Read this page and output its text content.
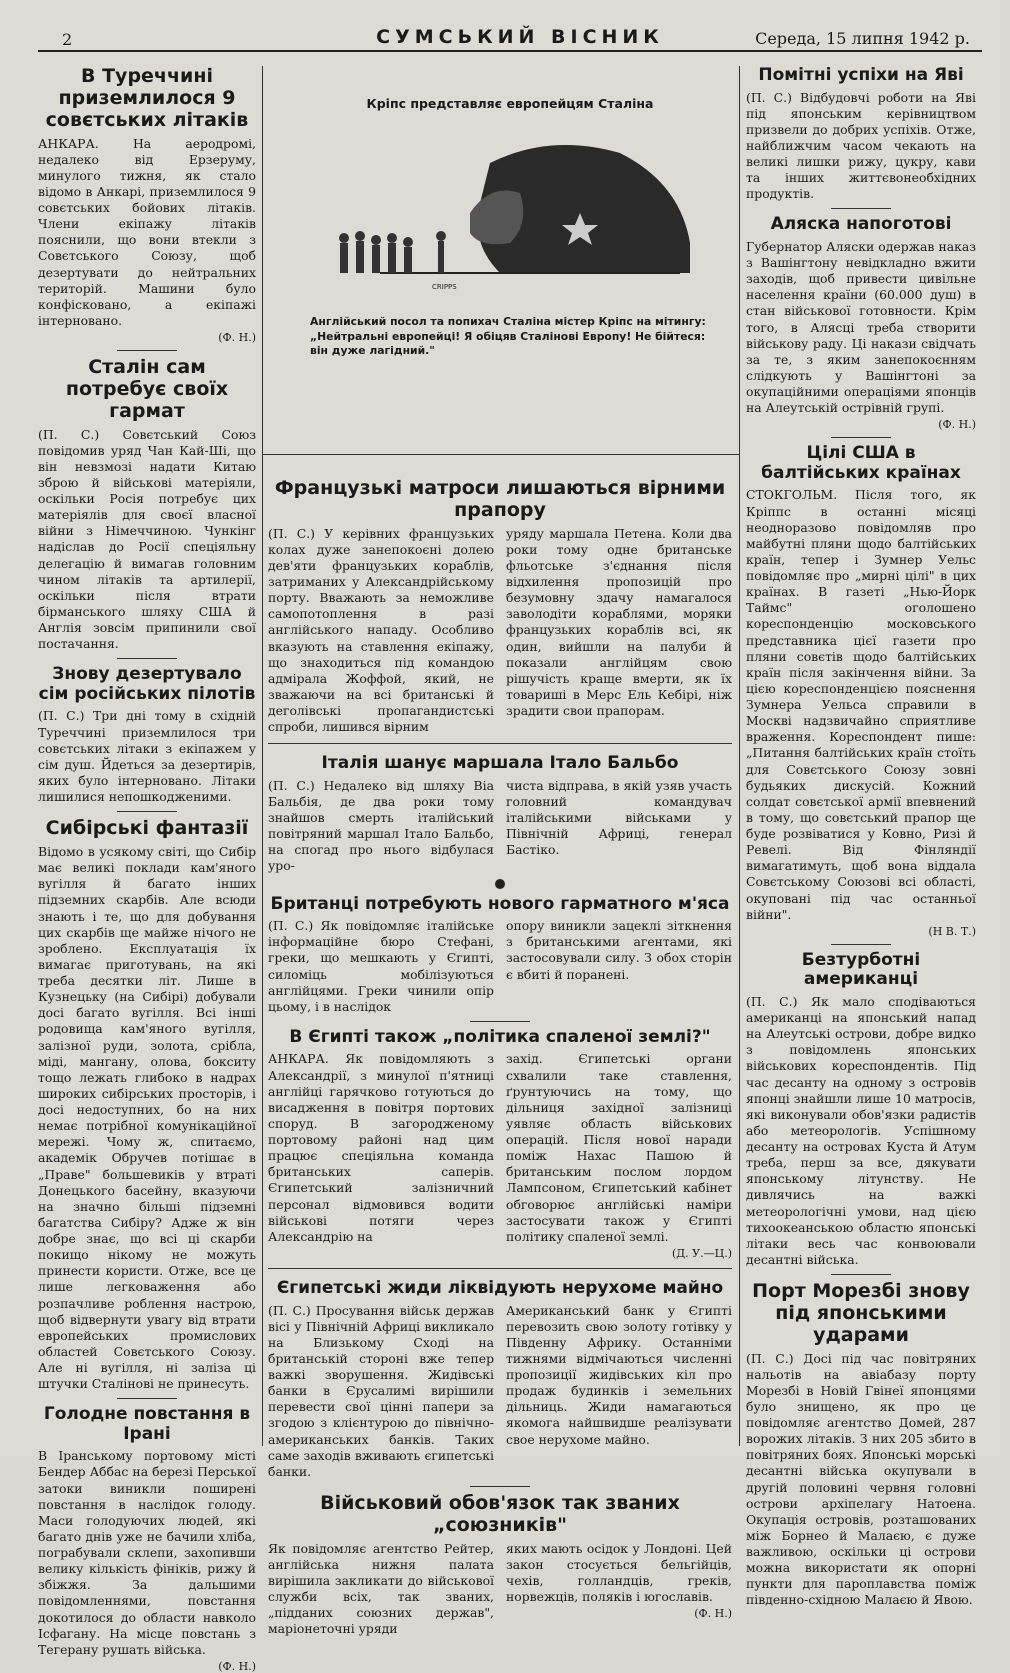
2	СУМСЬКИЙ ВІСНИК	Середа, 15 липня 1942 р.
В Туреччині приземлилося 9 совєтських літаків

АНКАРА. На аеродромі, недалеко від Ерзеруму, минулого тижня, як стало відомо в Анкарі, приземлилося 9 совєтських бойових літаків. Члени екіпажу літаків пояснили, що вони втекли з Совєтського Союзу, щоб дезертувати до нейтральних територій. Машини було конфісковано, а екіпажі інтерновано.

(Ф. Н.)
Сталін сам потребує своїх гармат

(П. С.) Совєтський Союз повідомив уряд Чан Кай-Ші, що він невзмозі надати Китаю зброю й військові матеріяли, оскільки Росія потребує цих матеріялів для своєї власної війни з Німеччиною. Чункінг надіслав до Росії спеціяльну делегацію й вимагав головним чином літаків та артилерії, оскільки після втрати бірманського шляху США й Англія зовсім припинили свої постачання.

Знову дезертувало сім російських пілотів

(П. С.) Три дні тому в східній Туреччині приземлилося три совєтських літаки з екіпажем у сім душ. Йдеться за дезертирів, яких було інтерновано. Літаки лишилися непошкодженими.

Сибірські фантазії

Відомо в усякому світі, що Сибір має великі поклади кам'яного вугілля й багато інших підземних скарбів. Але всюди знають і те, що для добування цих скарбів ще майже нічого не зроблено. Експлуатація їх вимагає приготувань, на які треба десятки літ. Лише в Кузнецьку (на Сибірі) добували досі багато вугілля. Всі інші родовища кам'яного вугілля, залізної руди, золота, срібла, міді, мангану, олова, бокситу тощо лежать глибоко в надрах широких сибірських просторів, і досі недоступних, бо на них немає потрібної комунікаційної мережі. Чому ж, спитаємо, академік Обручев потішає в „Праве" большевиків у втраті Донецького басейну, вказуючи на значно більші підземні багатства Сибіру? Адже ж він добре знає, що всі ці скарби покищо нікому не можуть принести користи. Отже, все це лише легковаження або розпачливе роблення настрою, щоб відвернути увагу від втрати европейських промислових областей Совєтського Союзу. Але ні вугілля, ні заліза ці штучки Сталінові не принесуть.

Голодне повстання в Ірані

В Іранському портовому місті Бендер Аббас на березі Перської затоки виникли поширені повстання в наслідок голоду. Маси голодуючих людей, які багато днів уже не бачили хліба, пограбували склепи, захопивши велику кількість фініків, рижу й збіжжя. За дальшими повідомленнями, повстання докотилося до области навколо Ісфагану. На місце повстань з Тегерану рушать війська.

(Ф. Н.)
Кріпс представляє европейцям Сталіна
CRIPPS
Англійський посол та попихач Сталіна містер Кріпс на мітингу: „Нейтральні европейці! Я обіцяв Сталінові Европу! Не бійтеся: він дуже лагідний."
Французькі матроси лишаються вірними прапору

(П. С.) У керівних французьких колах дуже занепокоєні долею дев'яти французьких кораблів, затриманих у Александрійському порту. Вважають за неможливе самопотоплення в разі англійського нападу. Особливо вказують на ставлення екіпажу, що знаходиться під командою адмірала Жоффой, який, не зважаючи на всі британські й деголівські пропагандистські спроби, лишився вірним

уряду маршала Петена. Коли два роки тому одне британське фльотське з'єднання після відхилення пропозицій про безумовну здачу намагалося заволодіти кораблями, моряки французьких кораблів всі, як один, вийшли на палуби й показали англійцям свою рішучість краще вмерти, як їх товариші в Мерс Ель Кебірі, ніж зрадити свои прапорам.

Італія шанує маршала Італо Бальбо

(П. С.) Недалеко від шляху Віа Бальбія, де два роки тому знайшов смерть італійський повітряний маршал Італо Бальбо, на спогад про нього відбулася уро-

чиста відправа, в якій узяв участь головний командувач італійськими військами у Північній Африці, генерал Бастіко.

Британці потребують нового гарматного м'яса

(П. С.) Як повідомляє італійське інформаційне бюро Стефані, греки, що мешкають у Єгипті, силоміць мобілізуються англійцями. Греки чинили опір цьому, і в наслідок

опору виникли зацеклі зіткнення з британськими агентами, які застосовували силу. З обох сторін є вбиті й поранені.

В Єгипті також „політика спаленої землі?"

АНКАРА. Як повідомляють з Александрії, з минулої п'ятниці англійці гарячково готуються до висадження в повітря портових споруд. В загородженому портовому районі над цим працює спеціяльна команда британських саперів. Єгипетський залізничний персонал відмовився водити військові потяги через Александрію на

захід. Єгипетські органи схвалили таке ставлення, ґрунтуючись на тому, що дільниця західної залізниці уявляє область військових операцій. Після нової наради поміж Нахас Пашою й британським послом лордом Лампсоном, Єгипетський кабінет обговорює англійські наміри застосувати також у Єгипті політику спаленої землі.

(Д. У.—Ц.)
Єгипетські жиди ліквідують нерухоме майно

(П. С.) Просування військ держав вісі у Північній Африці викликало на Близькому Сході на британській стороні вже тепер важкі зворушення. Жидівські банки в Єрусалимі вирішили перевести свої цінні папери за згодою з клієнтурою до північно-американських банків. Таких саме заходів вживають єгипетські банки.

Американський банк у Єгипті перевозить свою золоту готівку у Південну Африку. Останніми тижнями відмічаються численні пропозиції жидівських кіл про продаж будинків і земельних дільниць. Жиди намагаються якомога найшвидше реалізувати свое нерухоме майно.

Військовий обов'язок так званих „союзників"

Як повідомляє агентство Рейтер, англійська нижня палата вирішила закликати до військової служби всіх, так званих, „підданих союзних держав", маріонеточні уряди

яких мають осідок у Лондоні. Цей закон стосується бельгійців, чехів, голландців, греків, норвежців, поляків і югославів.

(Ф. Н.)
Помітні успіхи на Яві

(П. С.) Відбудовчі роботи на Яві під японським керівництвом призвели до добрих успіхів. Отже, найближчим часом чекають на великі лишки рижу, цукру, кави та інших життєвонеобхідних продуктів.

Аляска напоготові

Губернатор Аляски одержав наказ з Вашінгтону невідкладно вжити заходів, щоб привести цивільне населення країни (60.000 душ) в стан військової готовности. Крім того, в Алясці треба створити військову раду. Ці накази свідчать за те, з яким занепокоєнням слідкують у Вашінгтоні за окупаційними операціями японців на Алеутській острівній групі.

(Ф. Н.)
Цілі США в балтійських країнах

СТОКГОЛЬМ. Після того, як Кріппс в останні місяці неодноразово повідомляв про майбутні пляни щодо балтійських країн, тепер і Зумнер Уельс повідомляє про „мирні цілі" в цих країнах. В газеті „Нью-Йорк Таймс" оголошено кореспонденцію московського представника цієї газети про пляни совєтів щодо балтійських країн після закінчення війни. За цією кореспонденцією пояснення Зумнера Уельса справили в Москві надзвичайно сприятливе враження. Кореспондент пише: „Питання балтійських країн стоїть для Совєтського Союзу зовні будьяких дискусій. Кожний солдат совєтської армії впевнений в тому, що совєтський прапор ще буде розвіватися у Ковно, Ризі й Ревелі. Від Фінляндії вимагатимуть, щоб вона віддала Совєтському Союзові всі області, окуповані під час останньої війни".

(Н В. Т.)
Безтурботні американці

(П. С.) Як мало сподіваються американці на японський напад на Алеутські острови, добре видко з повідомлень японських військових кореспондентів. Під час десанту на одному з островів японці знайшли лише 10 матросів, які виконували обов'язки радистів або метеорологів. Успішному десанту на островах Куста й Атум треба, перш за все, дякувати японському літунству. Не дивлячись на важкі метеорологічні умови, над цією тихоокеанською областю японські літаки весь час конвоювали десантні війська.

Порт Морезбі знову під японськими ударами

(П. С.) Досі під час повітряних нальотів на авіабазу порту Морезбі в Новій Гвінеї японцями було знищено, як про це повідомляє агентство Домей, 287 ворожих літаків. З них 205 збито в повітряних боях. Японські морські десантні війська окупували в другій половині червня головні острови архіпелагу Натоена. Окупація островів, розташованих між Борнео й Малаєю, є дуже важливою, оскільки ці острови можна використати як опорні пункти для пароплавства поміж південно-східною Малаєю й Явою.
